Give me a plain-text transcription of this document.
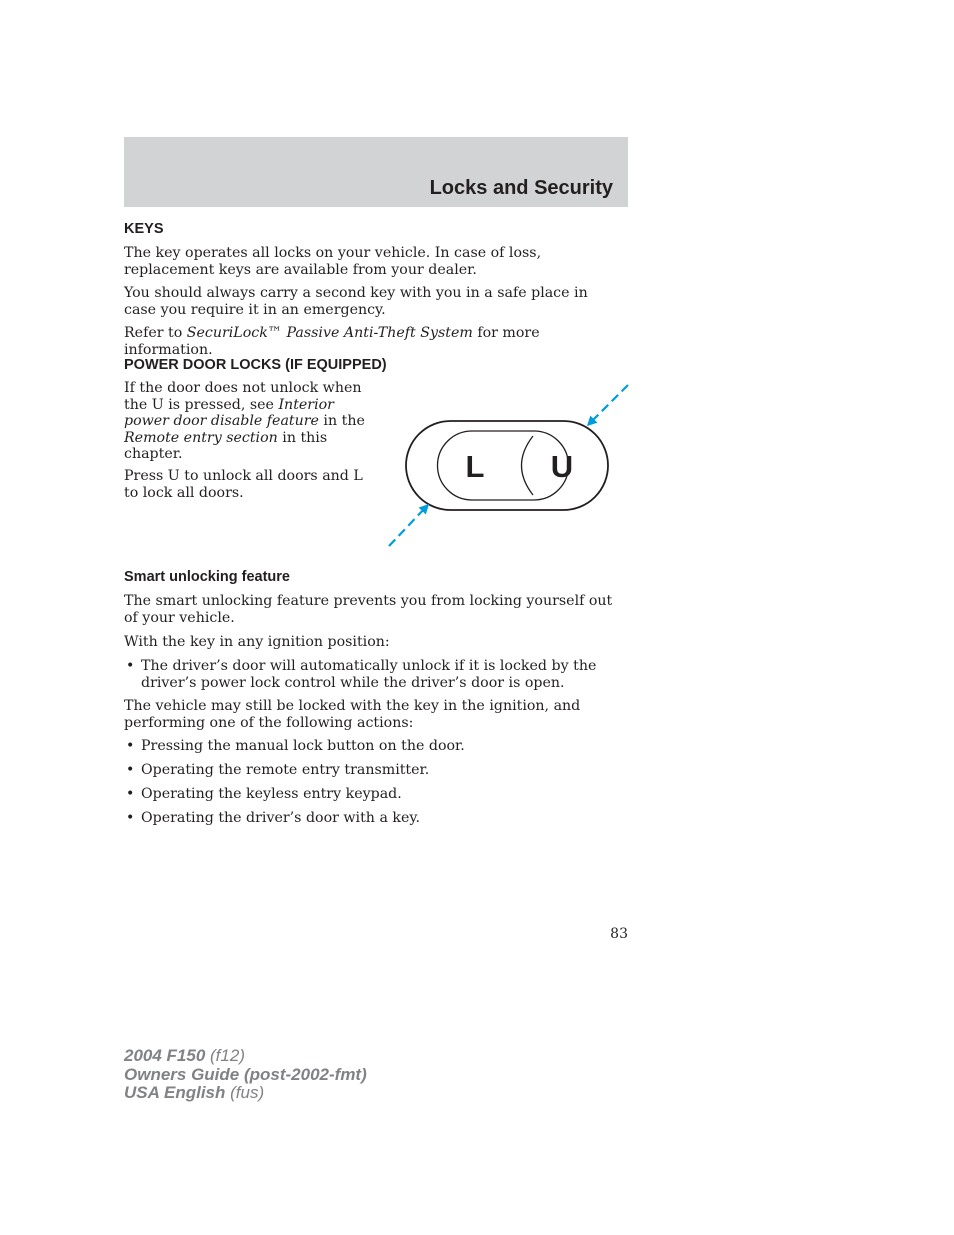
Locks and Security
KEYS

The key operates all locks on your vehicle. In case of loss, replacement keys are available from your dealer.

You should always carry a second key with you in a safe place in case you require it in an emergency.

Refer to SecuriLock™ Passive Anti-Theft System for more information.

POWER DOOR LOCKS (IF EQUIPPED)

If the door does not unlock when the U is pressed, see Interior power door disable feature in the Remote entry section in this chapter.

Press U to unlock all doors and L to lock all doors.

L U
Smart unlocking feature

The smart unlocking feature prevents you from locking yourself out of your vehicle.

With the key in any ignition position:

• The driver’s door will automatically unlock if it is locked by the driver’s power lock control while the driver’s door is open.

The vehicle may still be locked with the key in the ignition, and performing one of the following actions:

• Pressing the manual lock button on the door.
• Operating the remote entry transmitter.
• Operating the keyless entry keypad.
• Operating the driver’s door with a key.
83
2004 F150 (f12)
Owners Guide (post-2002-fmt)
USA English (fus)
